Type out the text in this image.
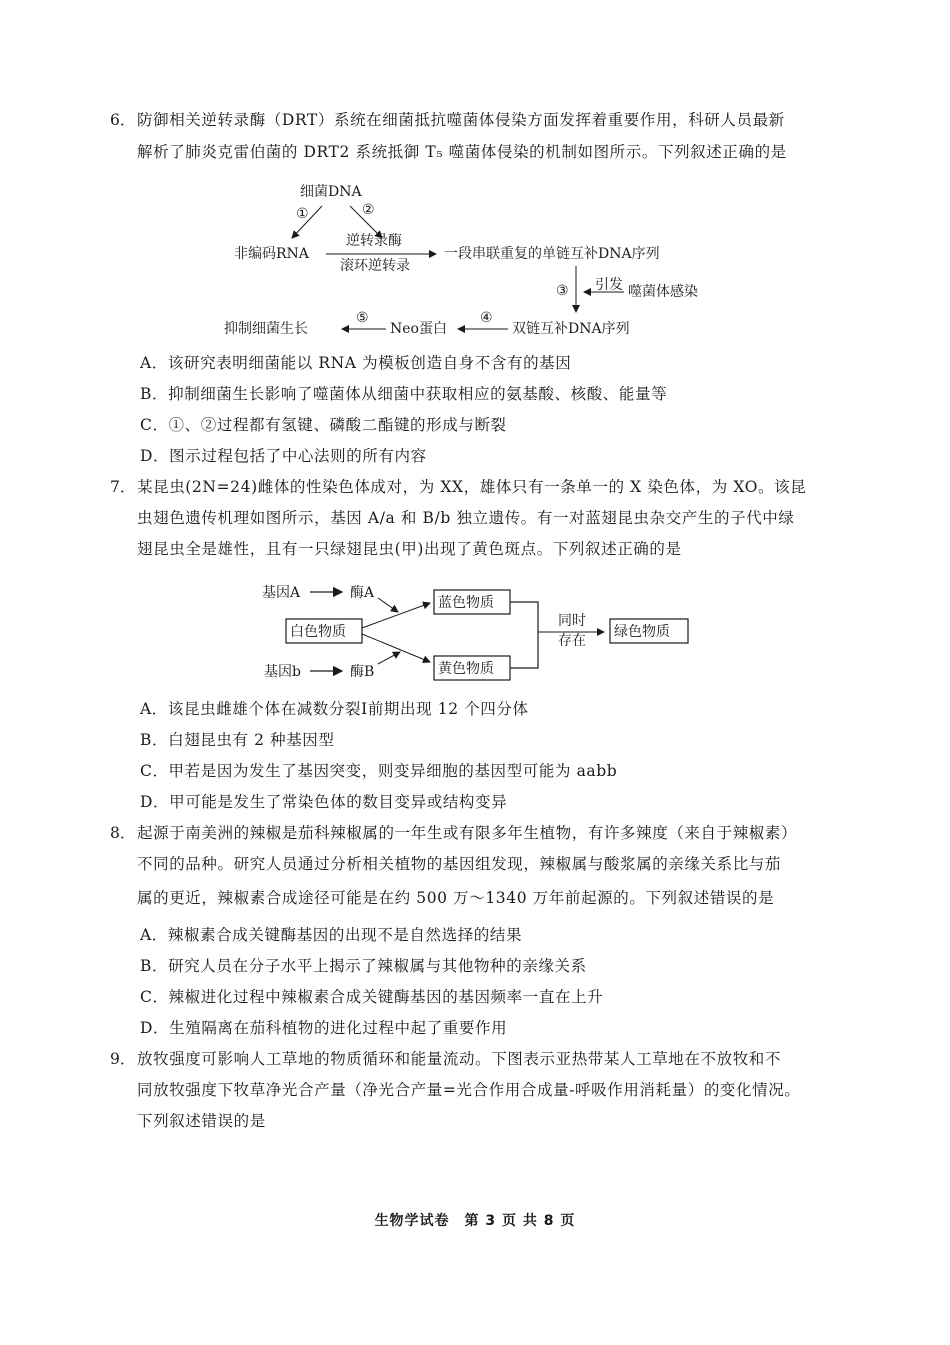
6． 防御相关逆转录酶（DRT）系统在细菌抵抗噬菌体侵染方面发挥着重要作用，科研人员最新
解析了肺炎克雷伯菌的 DRT2 系统抵御 T₅ 噬菌体侵染的机制如图所示。下列叙述正确的是
细菌DNA
①	②
非编码RNA
逆转录酶
滚环逆转录
一段串联重复的单链互补DNA序列
③ 引发 噬菌体感染
抑制细菌生长
⑤
Neo蛋白
④
双链互补DNA序列
基因A	酶A
白色物质
蓝色物质
黄色物质
基因b	酶B
同时
存在
绿色物质
A．该研究表明细菌能以 RNA 为模板创造自身不含有的基因
B．抑制细菌生长影响了噬菌体从细菌中获取相应的氨基酸、核酸、能量等
C．①、②过程都有氢键、磷酸二酯键的形成与断裂
D．图示过程包括了中心法则的所有内容
7． 某昆虫(2N=24)雌体的性染色体成对，为 XX，雄体只有一条单一的 X 染色体，为 XO。该昆
虫翅色遗传机理如图所示，基因 A/a 和 B/b 独立遗传。有一对蓝翅昆虫杂交产生的子代中绿
翅昆虫全是雄性，且有一只绿翅昆虫(甲)出现了黄色斑点。下列叙述正确的是
A．该昆虫雌雄个体在减数分裂Ⅰ前期出现 12 个四分体
B．白翅昆虫有 2 种基因型
C．甲若是因为发生了基因突变，则变异细胞的基因型可能为 aabb
D．甲可能是发生了常染色体的数目变异或结构变异
8． 起源于南美洲的辣椒是茄科辣椒属的一年生或有限多年生植物，有许多辣度（来自于辣椒素）
不同的品种。研究人员通过分析相关植物的基因组发现，辣椒属与酸浆属的亲缘关系比与茄
属的更近，辣椒素合成途径可能是在约 500 万～1340 万年前起源的。下列叙述错误的是
A．辣椒素合成关键酶基因的出现不是自然选择的结果
B．研究人员在分子水平上揭示了辣椒属与其他物种的亲缘关系
C．辣椒进化过程中辣椒素合成关键酶基因的基因频率一直在上升
D．生殖隔离在茄科植物的进化过程中起了重要作用
9． 放牧强度可影响人工草地的物质循环和能量流动。下图表示亚热带某人工草地在不放牧和不
同放牧强度下牧草净光合产量（净光合产量=光合作用合成量-呼吸作用消耗量）的变化情况。
下列叙述错误的是
生物学试卷　第 3 页 共 8 页
